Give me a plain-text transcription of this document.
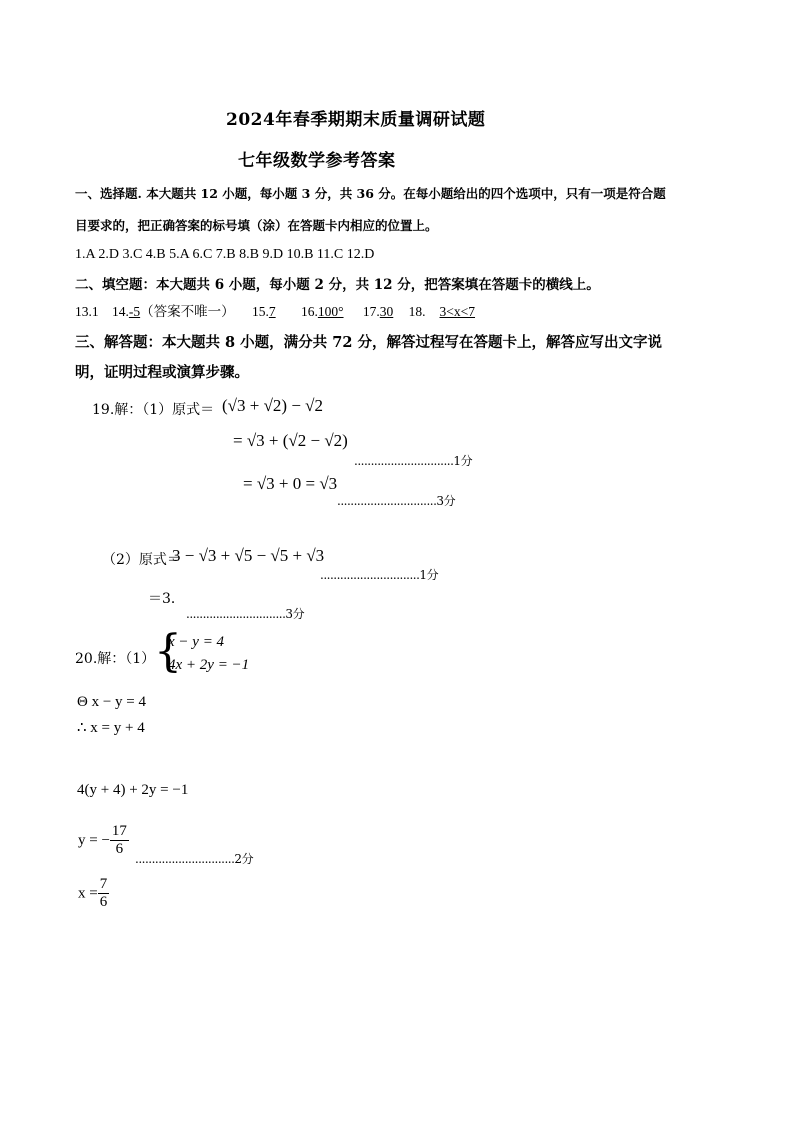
2024年春季期期末质量调研试题
七年级数学参考答案
一、选择题. 本大题共 12 小题，每小题 3 分，共 36 分。在每小题给出的四个选项中，只有一项是符合题
目要求的，把正确答案的标号填（涂）在答题卡内相应的位置上。
1.A 2.D 3.C 4.B 5.A 6.C 7.B 8.B 9.D 10.B 11.C 12.D
二、填空题：本大题共 6 小题，每小题 2 分，共 12 分，把答案填在答题卡的横线上。
13.1 14.-5（答案不唯一） 15.7 16.100° 17.30 18. 3<x<7
三、解答题：本大题共 8 小题，满分共 72 分，解答过程写在答题卡上，解答应写出文字说
明，证明过程或演算步骤。
19.解：（1）原式＝ (√3 + √2) − √2
= √3 + (√2 − √2)
..............................1分
= √3 + 0 = √3
..............................3分
（2）原式＝
3 − √3 + √5 − √5 + √3
..............................1分
＝3．
..............................3分
20.解：（1）
{
x − y = 4
4x + 2y = −1
Θ x − y = 4
∴ x = y + 4
4(y + 4) + 2y = −1
y = − $\frac{17}{6}$
..............................2分
$x = \frac{7}{6}$
